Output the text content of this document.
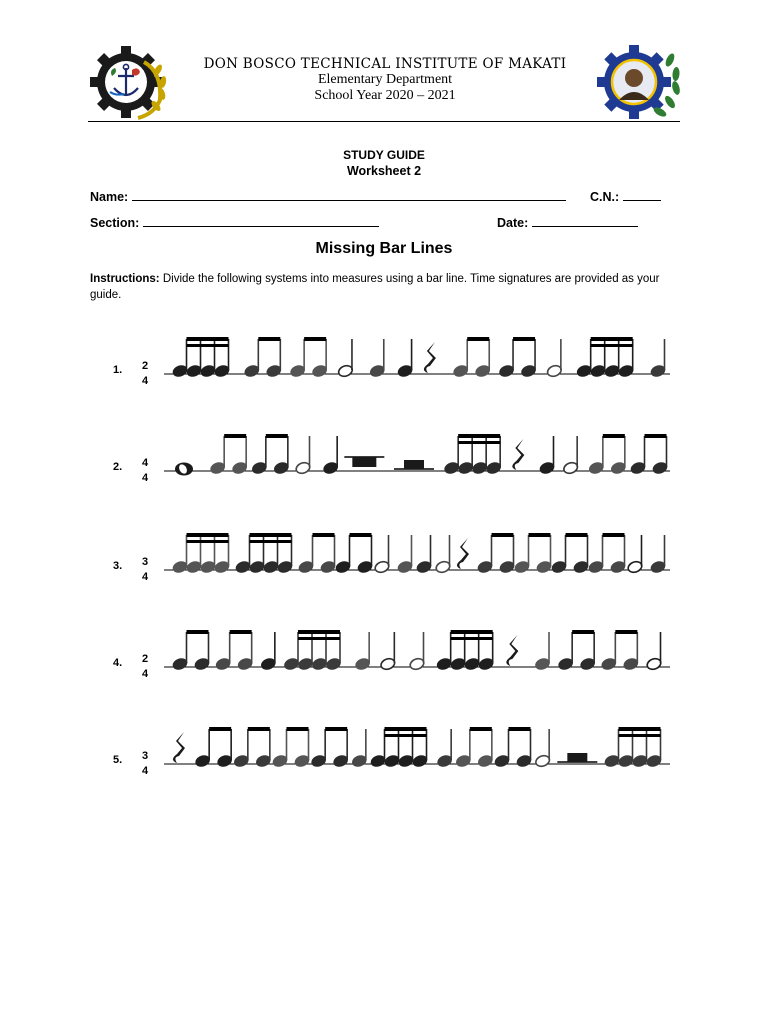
DON BOSCO TECHNICAL INSTITUTE OF MAKATI
Elementary Department
School Year 2020 – 2021
STUDY GUIDE
Worksheet 2
Name:	C.N.:
Section:	Date:
Missing Bar Lines
Instructions: Divide the following systems into measures using a bar line. Time signatures are provided as your guide.
1. 2
4
2. 4
4
3. 3
4
4. 2
4
5. 3
4
